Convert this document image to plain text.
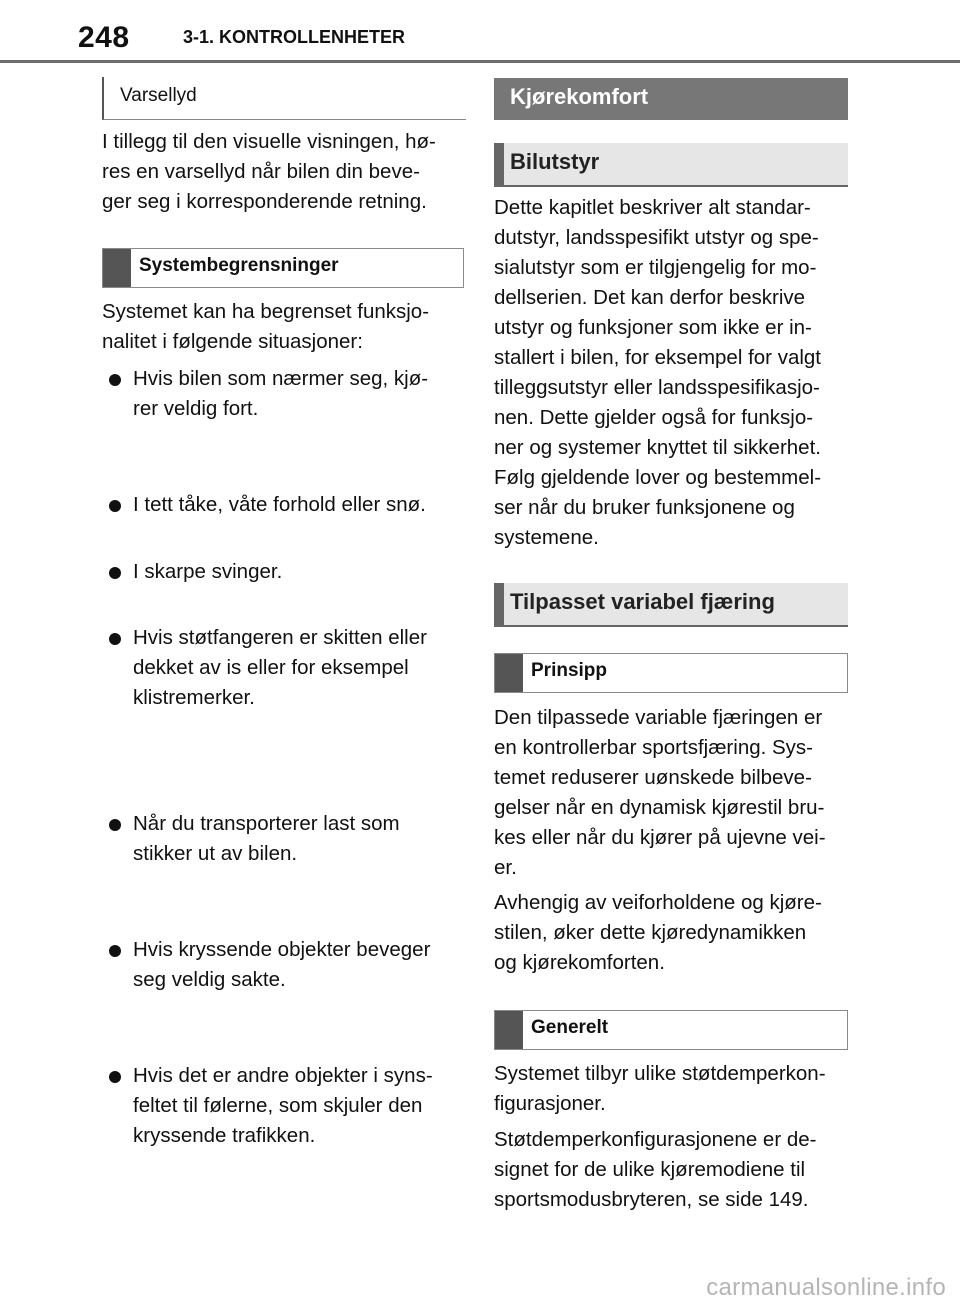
248	3-1. KONTROLLENHETER
Varsellyd

I tillegg til den visuelle visningen, hø-

res en varsellyd når bilen din beve-

ger seg i korresponderende retning.

Systembegrensninger

Systemet kan ha begrenset funksjo-

nalitet i følgende situasjoner:

Hvis bilen som nærmer seg, kjø-

rer veldig fort.

I tett tåke, våte forhold eller snø.

I skarpe svinger.

Hvis støtfangeren er skitten eller

dekket av is eller for eksempel

klistremerker.

Når du transporterer last som

stikker ut av bilen.

Hvis kryssende objekter beveger

seg veldig sakte.

Hvis det er andre objekter i syns-

feltet til følerne, som skjuler den

kryssende trafikken.

Kjørekomfort
Bilutstyr

Dette kapitlet beskriver alt standar-

dutstyr, landsspesifikt utstyr og spe-

sialutstyr som er tilgjengelig for mo-

dellserien. Det kan derfor beskrive

utstyr og funksjoner som ikke er in-

stallert i bilen, for eksempel for valgt

tilleggsutstyr eller landsspesifikasjo-

nen. Dette gjelder også for funksjo-

ner og systemer knyttet til sikkerhet.

Følg gjeldende lover og bestemmel-

ser når du bruker funksjonene og

systemene.

Tilpasset variabel fjæring
Prinsipp

Den tilpassede variable fjæringen er

en kontrollerbar sportsfjæring. Sys-

temet reduserer uønskede bilbeve-

gelser når en dynamisk kjørestil bru-

kes eller når du kjører på ujevne vei-

er.

Avhengig av veiforholdene og kjøre-

stilen, øker dette kjøredynamikken

og kjørekomforten.

Generelt

Systemet tilbyr ulike støtdemperkon-

figurasjoner.

Støtdemperkonfigurasjonene er de-

signet for de ulike kjøremodiene til

sportsmodusbryteren, se side 149.

carmanualsonline.info
